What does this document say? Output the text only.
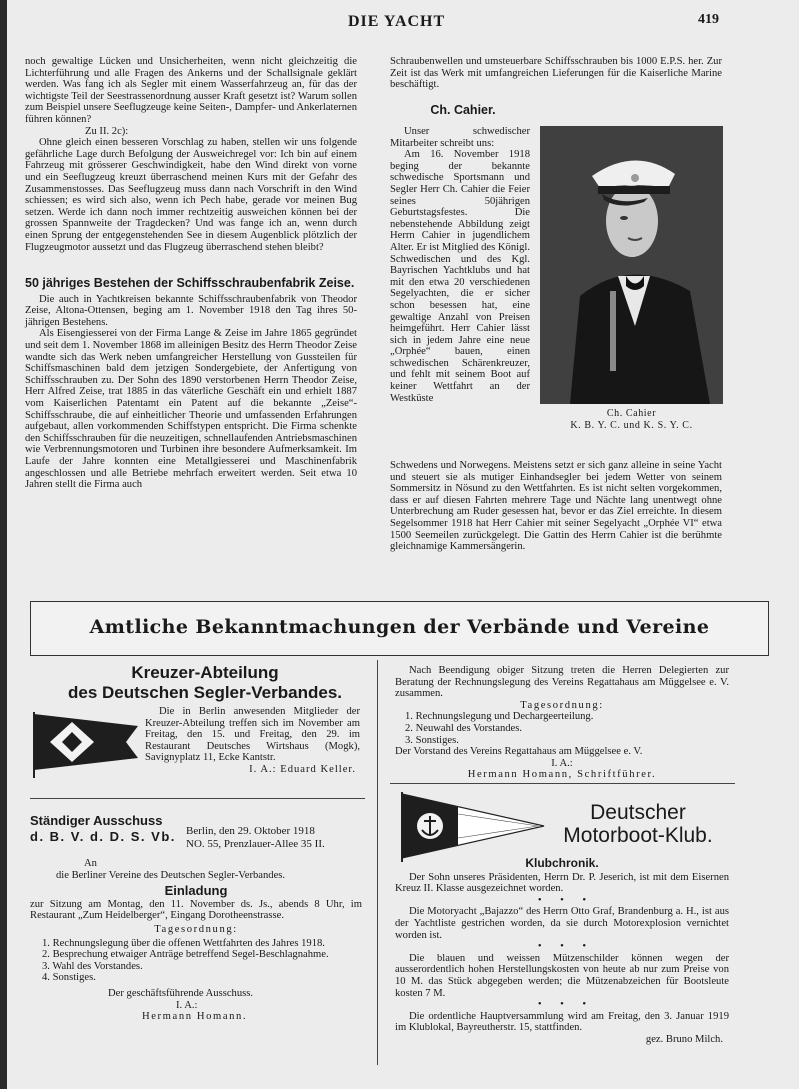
DIE YACHT	419

noch gewaltige Lücken und Unsicherheiten, wenn nicht gleichzeitig die Lichterführung und alle Fragen des Ankerns und der Schallsignale geklärt werden. Was fang ich als Segler mit einem Wasserfahrzeug an, für das der wichtigste Teil der Seestrassenordnung ausser Kraft gesetzt ist? Warum sollen zum Beispiel unsere Seeflugzeuge keine Seiten-, Dampfer- und Ankerlaternen führen können?

Zu II. 2c):

Ohne gleich einen besseren Vorschlag zu haben, stellen wir uns folgende gefährliche Lage durch Befolgung der Ausweichregel vor: Ich bin auf einem Fahrzeug mit grösserer Geschwindigkeit, habe den Wind direkt von vorne und ein Seeflugzeug kreuzt überraschend meinen Kurs mit der Gefahr des Zusammenstosses. Das Seeflugzeug muss dann nach Vorschrift in den Wind schiessen; es wird sich also, wenn ich Pech habe, gerade vor meinen Bug setzen. Werde ich dann noch immer rechtzeitig ausweichen können bei der grossen Spannweite der Tragdecken? Und was fange ich an, wenn durch einen Sprung der entgegenstehenden See in diesem Augenblick plötzlich der Flugzeugmotor aussetzt und das Flugzeug überraschend stehen bleibt?

50 jähriges Bestehen der Schiffsschraubenfabrik Zeise.

Die auch in Yachtkreisen bekannte Schiffsschraubenfabrik von Theodor Zeise, Altona-Ottensen, beging am 1. November 1918 den Tag ihres 50-jährigen Bestehens.

Als Eisengiesserei von der Firma Lange & Zeise im Jahre 1865 gegründet und seit dem 1. November 1868 im alleinigen Besitz des Herrn Theodor Zeise wandte sich das Werk neben umfangreicher Herstellung von Gussteilen für Schiffsmaschinen bald dem jetzigen Sondergebiete, der Anfertigung von Schiffsschrauben zu. Der Sohn des 1890 verstorbenen Herrn Theodor Zeise, Herr Alfred Zeise, trat 1885 in das väterliche Geschäft ein und erhielt 1887 vom Kaiserlichen Patentamt ein Patent auf die bekannte „Zeise“-Schiffsschraube, die auf einheitlicher Theorie und umfassenden Erfahrungen aufgebaut, allen vorkommenden Schiffstypen entspricht. Die Firma schenkte den Schiffsschrauben für die neuzeitigen, schnellaufenden Antriebsmaschinen wie Verbrennungsmotoren und Turbinen ihre besondere Aufmerksamkeit. Im Laufe der Jahre konnten eine Metallgiesserei und Maschinenfabrik angeschlossen und alle Betriebe mehrfach erweitert werden. Seit etwa 10 Jahren stellt die Firma auch

Schraubenwellen und umsteuerbare Schiffsschrauben bis 1000 E.P.S. her. Zur Zeit ist das Werk mit umfangreichen Lieferungen für die Kaiserliche Marine beschäftigt.

Ch. Cahier.

Unser schwedischer Mitarbeiter schreibt uns:

Am 16. November 1918 beging der bekannte schwedische Sportsmann und Segler Herr Ch. Cahier die Feier seines 50jährigen Geburtstagsfestes. Die nebenstehende Abbildung zeigt Herrn Cahier in jugendlichem Alter. Er ist Mitglied des Königl. Schwedischen und des Kgl. Bayrischen Yachtklubs und hat mit den etwa 20 verschiedenen Segelyachten, die er sicher schon besessen hat, eine gewaltige Anzahl von Preisen heimgeführt. Herr Cahier lässt sich in jedem Jahre eine neue „Orphée“ bauen, einen schwedischen Schärenkreuzer, und fehlt mit seinem Boot auf keiner Wettfahrt an der Westküste

Schwedens und Norwegens. Meistens setzt er sich ganz alleine in seine Yacht und steuert sie als mutiger Einhandsegler bei jedem Wetter von seinem Sommersitz in Nösund zu den Wettfahrten. Es ist nicht selten vorgekommen, dass er auf diesen Fahrten mehrere Tage und Nächte lang unentwegt ohne Unterbrechung am Ruder gesessen hat, bevor er das Ziel erreichte. In diesem Segelsommer 1918 hat Herr Cahier mit seiner Segelyacht „Orphée VI“ etwa 1500 Seemeilen zurückgelegt. Die Gattin des Herrn Cahier ist die berühmte gleichnamige Kammersängerin.

Ch. Cahier
K. B. Y. C. und K. S. Y. C.
Amtliche Bekanntmachungen der Verbände und Vereine
Kreuzer-Abteilung
des Deutschen Segler-Verbandes.

Die in Berlin anwesenden Mitglieder der Kreuzer-Abteilung treffen sich im November am Freitag, den 15. und Freitag, den 29. im Restaurant Deutsches Wirtshaus (Mogk), Savignyplatz 11, Ecke Kantstr.

I. A.: Eduard Keller.

Ständiger Ausschuss
d. B. V. d. D. S. Vb. Berlin, den 29. Oktober 1918
NO. 55, Prenzlauer-Allee 35 II.

An

die Berliner Vereine des Deutschen Segler-Verbandes.

Einladung

zur Sitzung am Montag, den 11. November ds. Js., abends 8 Uhr, im Restaurant „Zum Heidelberger“, Eingang Dorotheenstrasse.

Tagesordnung:

1. Rechnungslegung über die offenen Wettfahrten des Jahres 1918.

2. Besprechung etwaiger Anträge betreffend Segel-Beschlagnahme.

3. Wahl des Vorstandes.

4. Sonstiges.

Der geschäftsführende Ausschuss.
I. A.:
Hermann Homann.

Nach Beendigung obiger Sitzung treten die Herren Delegierten zur Beratung der Rechnungslegung des Vereins Regattahaus am Müggelsee e. V. zusammen.

Tagesordnung:

1. Rechnungslegung und Dechargeerteilung.

2. Neuwahl des Vorstandes.

3. Sonstiges.

Der Vorstand des Vereins Regattahaus am Müggelsee e. V.

I. A.:
Hermann Homann, Schriftführer.
Deutscher
Motorboot-Klub.
Klubchronik.

Der Sohn unseres Präsidenten, Herrn Dr. P. Jeserich, ist mit dem Eisernen Kreuz II. Klasse ausgezeichnet worden.

•       •       •

Die Motoryacht „Bajazzo“ des Herrn Otto Graf, Brandenburg a. H., ist aus der Yachtliste gestrichen worden, da sie durch Motorexplosion vernichtet worden ist.

•       •       •

Die blauen und weissen Mützenschilder können wegen der ausserordentlich hohen Herstellungskosten von heute ab nur zum Preise von 10 M. das Stück abgegeben werden; die Mützenabzeichen für Bootsleute kosten 7 M.

•       •       •

Die ordentliche Hauptversammlung wird am Freitag, den 3. Januar 1919 im Klublokal, Bayreutherstr. 15, stattfinden.

gez. Bruno Milch.
